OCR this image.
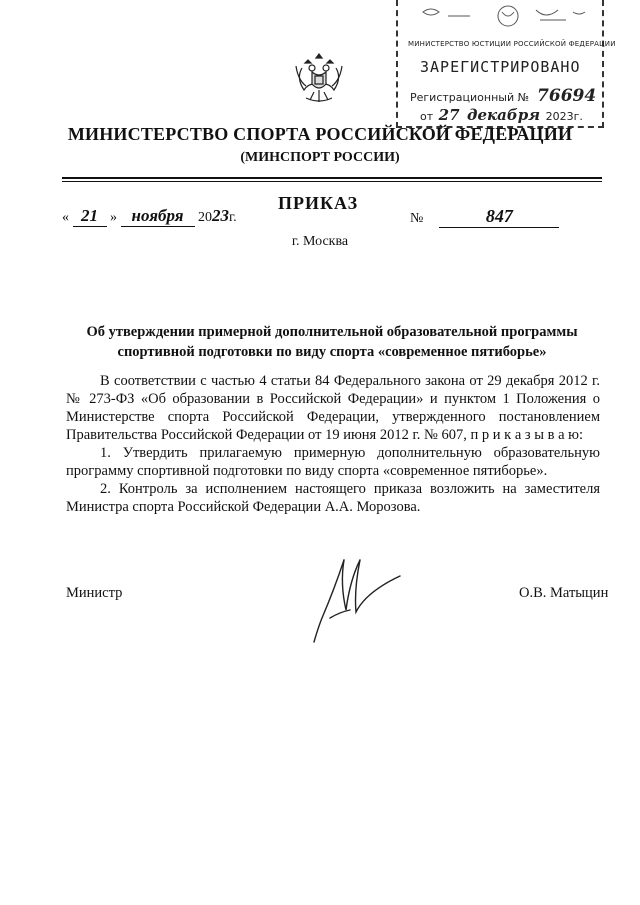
МИНИСТЕРСТВО ЮСТИЦИИ РОССИЙСКОЙ ФЕДЕРАЦИИ
ЗАРЕГИСТРИРОВАНО
Регистрационный № 76694
от 27 декабря 2023г.
МИНИСТЕРСТВО СПОРТА РОССИЙСКОЙ ФЕДЕРАЦИИ
(МИНСПОРТ РОССИИ)
ПРИКАЗ
« 21 » ноября 2023г.	№	847
г. Москва
Об утверждении примерной дополнительной образовательной программы
спортивной подготовки по виду спорта «современное пятиборье»

В соответствии с частью 4 статьи 84 Федерального закона от 29 декабря 2012 г. № 273-ФЗ «Об образовании в Российской Федерации» и пунктом 1 Положения о Министерстве спорта Российской Федерации, утвержденного постановлением Правительства Российской Федерации от 19 июня 2012 г. № 607, п р и к а з ы в а ю:

1. Утвердить прилагаемую примерную дополнительную образовательную программу спортивной подготовки по виду спорта «современное пятиборье».

2. Контроль за исполнением настоящего приказа возложить на заместителя Министра спорта Российской Федерации А.А. Морозова.

Министр	О.В. Матыцин
